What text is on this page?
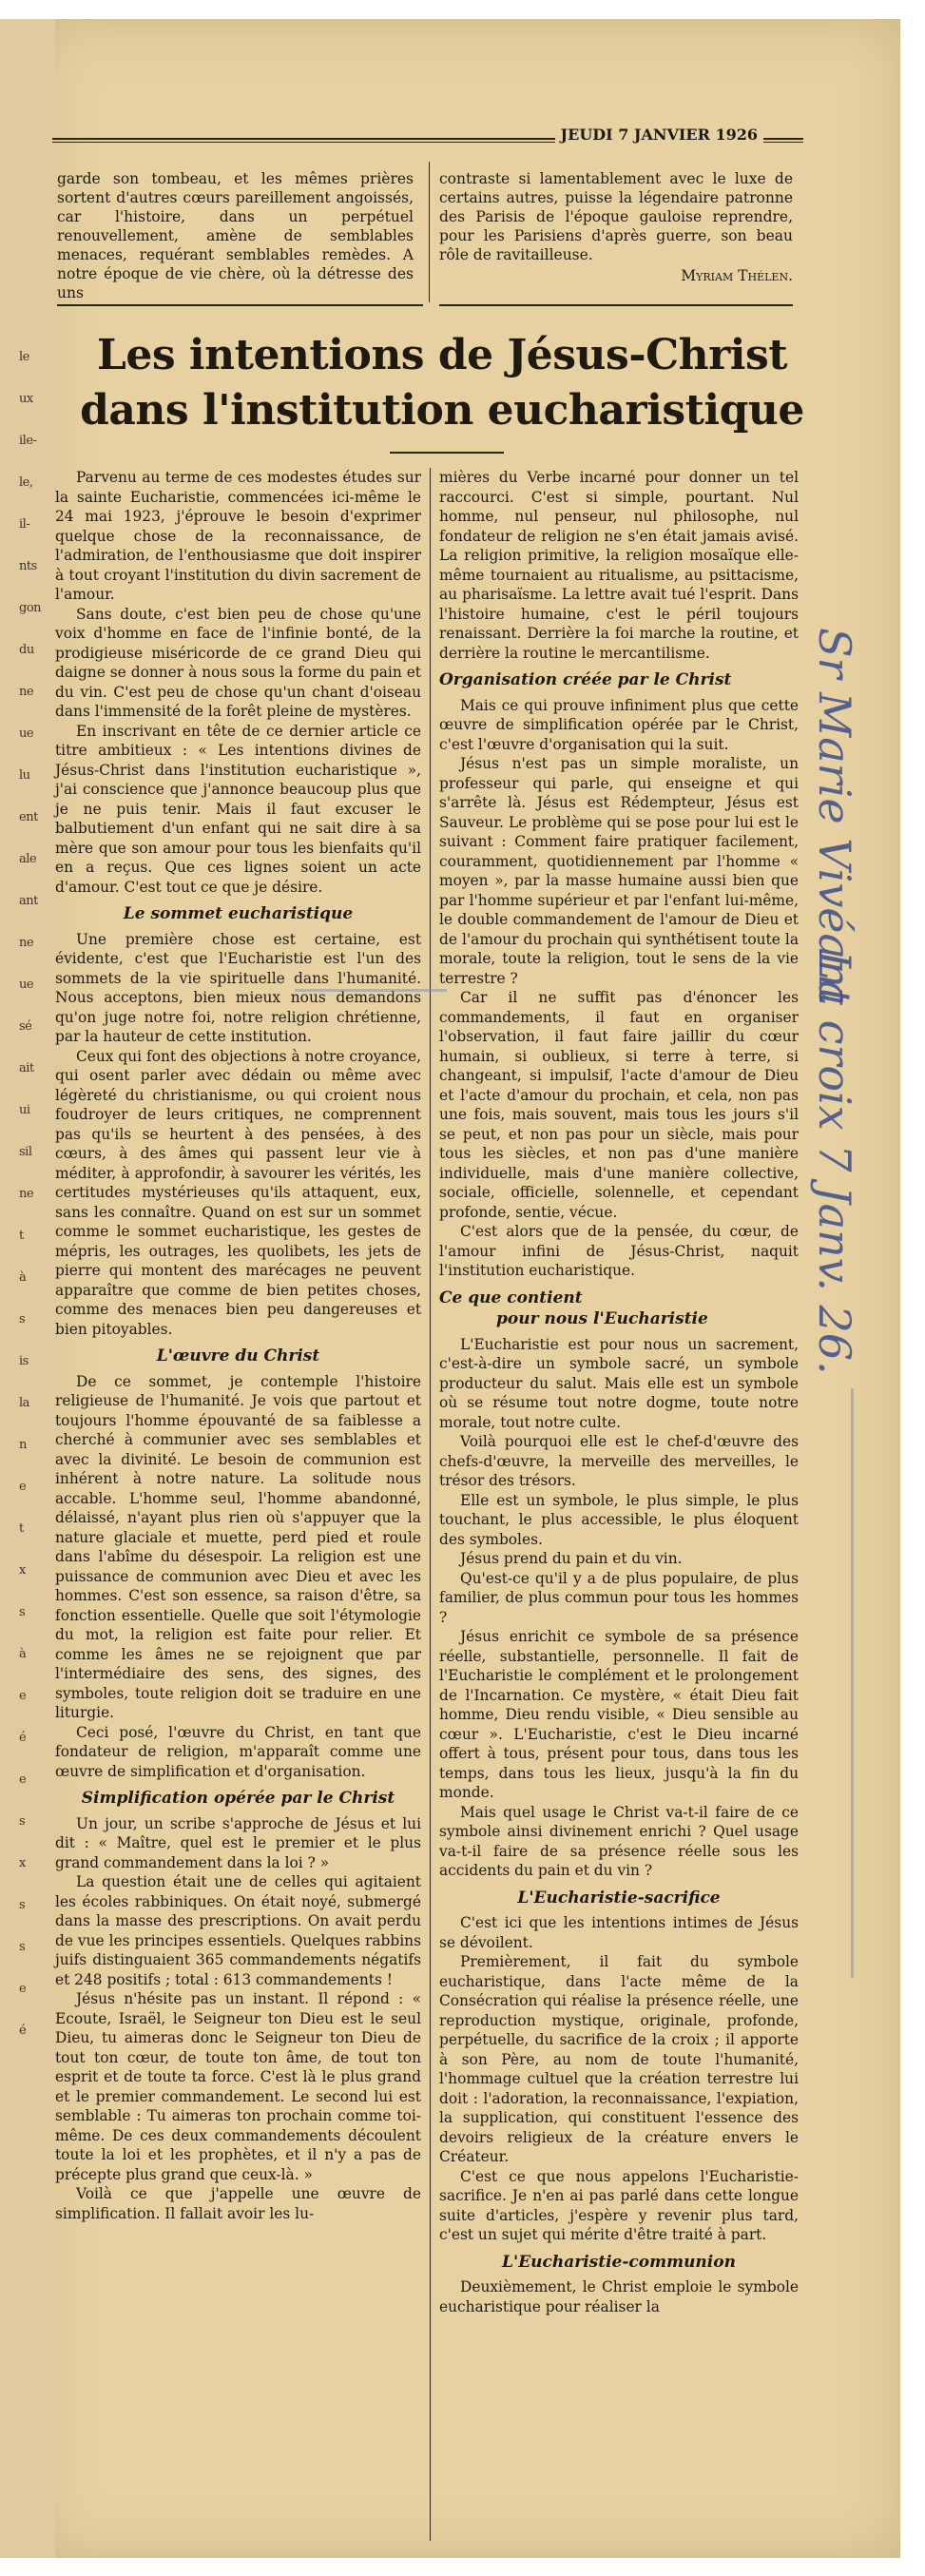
le
ux
ile-
le,
il-
nts
gon
du
ne
ue
lu
ent
ale
ant
ne
ue
sé
ait
ui
sil
ne
t
à
s
is
la
n
e
t
x
s
à
e
é
e
s
x
s
s
e
é
JEUDI 7 JANVIER 1926

garde son tombeau, et les mêmes prières sortent d'autres cœurs pareillement angoissés, car l'histoire, dans un perpétuel renouvellement, amène de semblables menaces, requérant semblables remèdes. A notre époque de vie chère, où la détresse des uns

contraste si lamentablement avec le luxe de certains autres, puisse la légendaire patronne des Parisis de l'époque gauloise reprendre, pour les Parisiens d'après guerre, son beau rôle de ravitailleuse.

Myriam Thélen.
Les intentions de Jésus-Christ
dans l'institution eucharistique

Parvenu au terme de ces modestes études sur la sainte Eucharistie, commencées ici-même le 24 mai 1923, j'éprouve le besoin d'exprimer quelque chose de la reconnaissance, de l'admiration, de l'enthousiasme que doit inspirer à tout croyant l'institution du divin sacrement de l'amour.

Sans doute, c'est bien peu de chose qu'une voix d'homme en face de l'infinie bonté, de la prodigieuse miséricorde de ce grand Dieu qui daigne se donner à nous sous la forme du pain et du vin. C'est peu de chose qu'un chant d'oiseau dans l'immensité de la forêt pleine de mystères.

En inscrivant en tête de ce dernier article ce titre ambitieux : « Les intentions divines de Jésus-Christ dans l'institution eucharistique », j'ai conscience que j'annonce beaucoup plus que je ne puis tenir. Mais il faut excuser le balbutiement d'un enfant qui ne sait dire à sa mère que son amour pour tous les bienfaits qu'il en a reçus. Que ces lignes soient un acte d'amour. C'est tout ce que je désire.

Le sommet eucharistique

Une première chose est certaine, est évidente, c'est que l'Eucharistie est l'un des sommets de la vie spirituelle dans l'humanité. Nous acceptons, bien mieux nous demandons qu'on juge notre foi, notre religion chrétienne, par la hauteur de cette institution.

Ceux qui font des objections à notre croyance, qui osent parler avec dédain ou même avec légèreté du christianisme, ou qui croient nous foudroyer de leurs critiques, ne comprennent pas qu'ils se heurtent à des pensées, à des cœurs, à des âmes qui passent leur vie à méditer, à approfondir, à savourer les vérités, les certitudes mystérieuses qu'ils attaquent, eux, sans les connaître. Quand on est sur un sommet comme le sommet eucharistique, les gestes de mépris, les outrages, les quolibets, les jets de pierre qui montent des marécages ne peuvent apparaître que comme de bien petites choses, comme des menaces bien peu dangereuses et bien pitoyables.

L'œuvre du Christ

De ce sommet, je contemple l'histoire religieuse de l'humanité. Je vois que partout et toujours l'homme épouvanté de sa faiblesse a cherché à communier avec ses semblables et avec la divinité. Le besoin de communion est inhérent à notre nature. La solitude nous accable. L'homme seul, l'homme abandonné, délaissé, n'ayant plus rien où s'appuyer que la nature glaciale et muette, perd pied et roule dans l'abîme du désespoir. La religion est une puissance de communion avec Dieu et avec les hommes. C'est son essence, sa raison d'être, sa fonction essentielle. Quelle que soit l'étymologie du mot, la religion est faite pour relier. Et comme les âmes ne se rejoignent que par l'intermédiaire des sens, des signes, des symboles, toute religion doit se traduire en une liturgie.

Ceci posé, l'œuvre du Christ, en tant que fondateur de religion, m'apparaît comme une œuvre de simplification et d'organisation.

Simplification opérée par le Christ

Un jour, un scribe s'approche de Jésus et lui dit : « Maître, quel est le premier et le plus grand commandement dans la loi ? »

La question était une de celles qui agitaient les écoles rabbiniques. On était noyé, submergé dans la masse des prescriptions. On avait perdu de vue les principes essentiels. Quelques rabbins juifs distinguaient 365 commandements négatifs et 248 positifs ; total : 613 commandements !

Jésus n'hésite pas un instant. Il répond : « Ecoute, Israël, le Seigneur ton Dieu est le seul Dieu, tu aimeras donc le Seigneur ton Dieu de tout ton cœur, de toute ton âme, de tout ton esprit et de toute ta force. C'est là le plus grand et le premier commandement. Le second lui est semblable : Tu aimeras ton prochain comme toi-même. De ces deux commandements découlent toute la loi et les prophètes, et il n'y a pas de précepte plus grand que ceux-là. »

Voilà ce que j'appelle une œuvre de simplification. Il fallait avoir les lu-

mières du Verbe incarné pour donner un tel raccourci. C'est si simple, pourtant. Nul homme, nul penseur, nul philosophe, nul fondateur de religion ne s'en était jamais avisé. La religion primitive, la religion mosaïque elle-même tournaient au ritualisme, au psittacisme, au pharisaïsme. La lettre avait tué l'esprit. Dans l'histoire humaine, c'est le péril toujours renaissant. Derrière la foi marche la routine, et derrière la routine le mercantilisme.

Organisation créée par le Christ

Mais ce qui prouve infiniment plus que cette œuvre de simplification opérée par le Christ, c'est l'œuvre d'organisation qui la suit.

Jésus n'est pas un simple moraliste, un professeur qui parle, qui enseigne et qui s'arrête là. Jésus est Rédempteur, Jésus est Sauveur. Le problème qui se pose pour lui est le suivant : Comment faire pratiquer facilement, couramment, quotidiennement par l'homme « moyen », par la masse humaine aussi bien que par l'homme supérieur et par l'enfant lui-même, le double commandement de l'amour de Dieu et de l'amour du prochain qui synthétisent toute la morale, toute la religion, tout le sens de la vie terrestre ?

Car il ne suffit pas d'énoncer les commandements, il faut en organiser l'observation, il faut faire jaillir du cœur humain, si oublieux, si terre à terre, si changeant, si impulsif, l'acte d'amour de Dieu et l'acte d'amour du prochain, et cela, non pas une fois, mais souvent, mais tous les jours s'il se peut, et non pas pour un siècle, mais pour tous les siècles, et non pas d'une manière individuelle, mais d'une manière collective, sociale, officielle, solennelle, et cependant profonde, sentie, vécue.

C'est alors que de la pensée, du cœur, de l'amour infini de Jésus-Christ, naquit l'institution eucharistique.

Ce que contient

pour nous l'Eucharistie

L'Eucharistie est pour nous un sacrement, c'est-à-dire un symbole sacré, un symbole producteur du salut. Mais elle est un symbole où se résume tout notre dogme, toute notre morale, tout notre culte.

Voilà pourquoi elle est le chef-d'œuvre des chefs-d'œuvre, la merveille des merveilles, le trésor des trésors.

Elle est un symbole, le plus simple, le plus touchant, le plus accessible, le plus éloquent des symboles.

Jésus prend du pain et du vin.

Qu'est-ce qu'il y a de plus populaire, de plus familier, de plus commun pour tous les hommes ?

Jésus enrichit ce symbole de sa présence réelle, substantielle, personnelle. Il fait de l'Eucharistie le complément et le prolongement de l'Incarnation. Ce mystère, « était Dieu fait homme, Dieu rendu visible, « Dieu sensible au cœur ». L'Eucharistie, c'est le Dieu incarné offert à tous, présent pour tous, dans tous les temps, dans tous les lieux, jusqu'à la fin du monde.

Mais quel usage le Christ va-t-il faire de ce symbole ainsi divinement enrichi ? Quel usage va-t-il faire de sa présence réelle sous les accidents du pain et du vin ?

L'Eucharistie-sacrifice

C'est ici que les intentions intimes de Jésus se dévoilent.

Premièrement, il fait du symbole eucharistique, dans l'acte même de la Consécration qui réalise la présence réelle, une reproduction mystique, originale, profonde, perpétuelle, du sacrifice de la croix ; il apporte à son Père, au nom de toute l'humanité, l'hommage cultuel que la création terrestre lui doit : l'adoration, la reconnaissance, l'expiation, la supplication, qui constituent l'essence des devoirs religieux de la créature envers le Créateur.

C'est ce que nous appelons l'Eucharistie-sacrifice. Je n'en ai pas parlé dans cette longue suite d'articles, j'espère y revenir plus tard, c'est un sujet qui mérite d'être traité à part.

L'Eucharistie-communion

Deuxièmement, le Christ emploie le symbole eucharistique pour réaliser la

Sr Marie Vivéant
La croix 7 Janv. 26.
